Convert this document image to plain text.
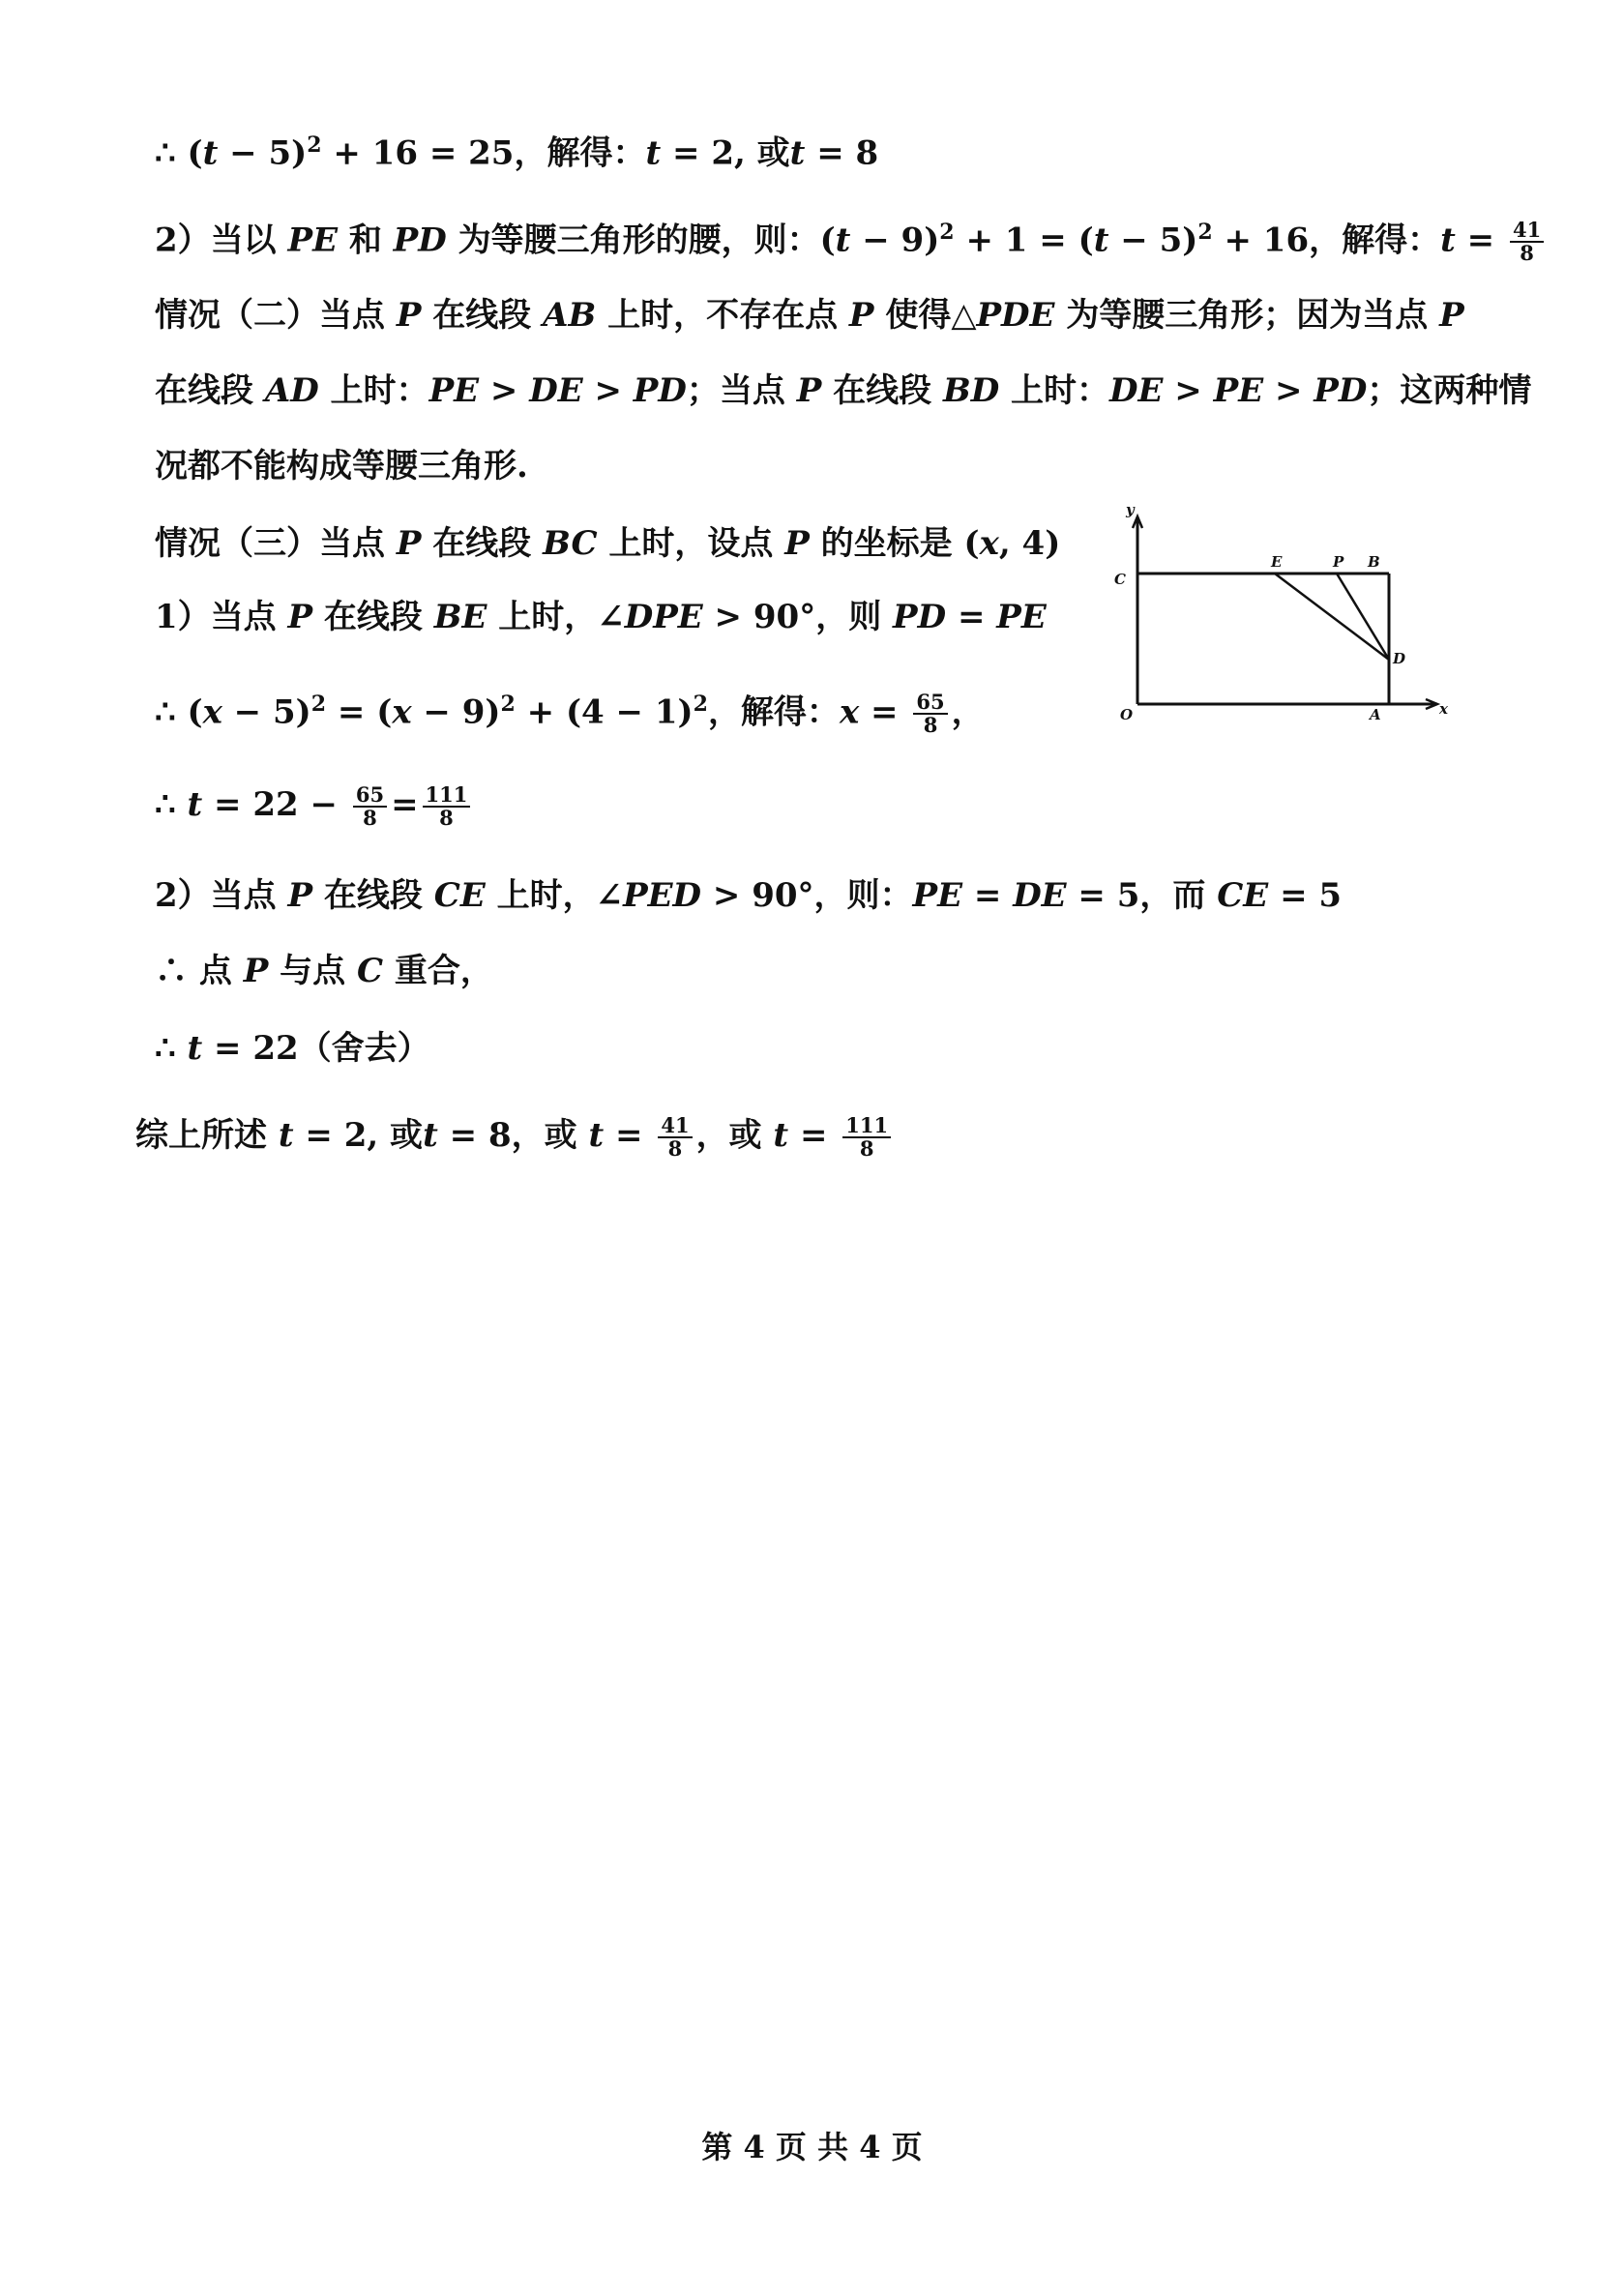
∴ $(t - 5)^2 + 16 = 25$，解得：t = 2, 或t = 8
2）当以 PE 和 PD 为等腰三角形的腰，则：$(t - 9)^2 + 1 = (t - 5)^2 + 16$，解得：$t = \frac{41}{8}$
情况（二）当点 P 在线段 AB 上时，不存在点 P 使得△PDE 为等腰三角形；因为当点 P
在线段 AD 上时：PE > DE > PD；当点 P 在线段 BD 上时：DE > PE > PD；这两种情
况都不能构成等腰三角形.
情况（三）当点 P 在线段 BC 上时，设点 P 的坐标是 (x, 4)
1）当点 P 在线段 BE 上时，∠DPE > 90°，则 PD = PE
∴ $(x - 5)^2 = (x - 9)^2 + (4 - 1)^2$，解得：$x = \frac{65}{8}$ ，
∴ $t = 22 - \frac{65}{8} = \frac{111}{8}$
2）当点 P 在线段 CE 上时，∠PED > 90°，则：PE = DE = 5，而 CE = 5
∴ 点 P 与点 C 重合，
∴ t = 22（舍去）
综上所述 t = 2, 或t = 8，或 $t = \frac{41}{8}$ ，或 $t = \frac{111}{8}$
y
x
C
E	P B
D
O	A
第 4 页 共 4 页
